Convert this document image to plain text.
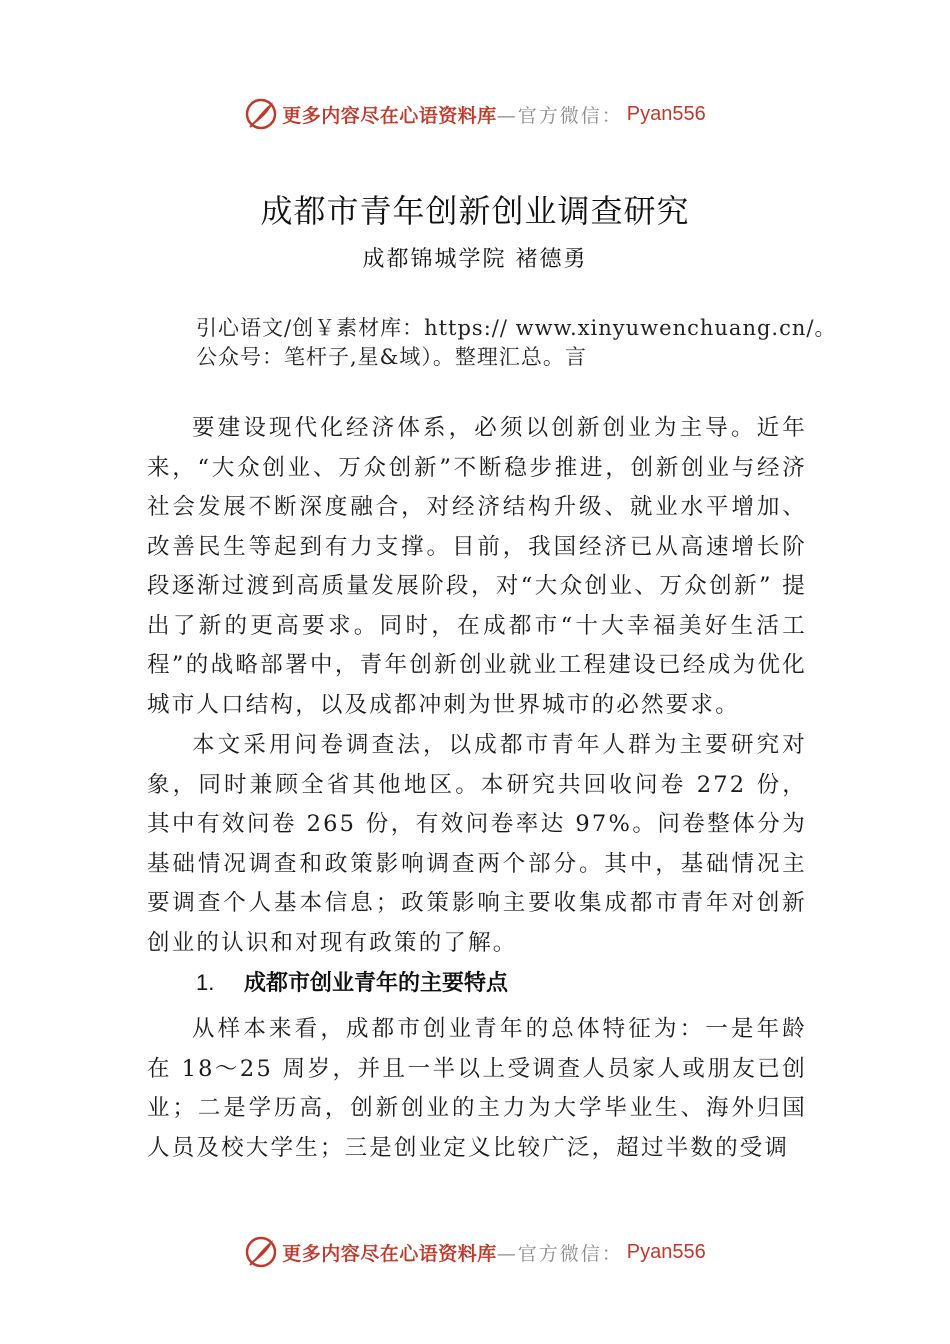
更多内容尽在心语资料库 —官方微信： Pyan556
成都市青年创新创业调查研究
成都锦城学院 褚德勇
引心语文/创￥素材库：https:// www.xinyuwenchuang.cn/。公众号：笔杆子,星&域）。整理汇总。言

要建设现代化经济体系，必须以创新创业为主导。近年来，“大众创业、万众创新”不断稳步推进，创新创业与经济社会发展不断深度融合，对经济结构升级、就业水平增加、 改善民生等起到有力支撑。目前，我国经济已从高速增长阶段逐渐过渡到高质量发展阶段，对“大众创业、万众创新” 提出了新的更高要求。同时，在成都市“十大幸福美好生活工程”的战略部署中，青年创新创业就业工程建设已经成为优化城市人口结构，以及成都冲刺为世界城市的必然要求。

本文采用问卷调查法，以成都市青年人群为主要研究对象，同时兼顾全省其他地区。本研究共回收问卷 272 份，其中有效问卷 265 份，有效问卷率达 97%。问卷整体分为基础情况调查和政策影响调查两个部分。其中，基础情况主要调查个人基本信息；政策影响主要收集成都市青年对创新创业的认识和对现有政策的了解。

1. 成都市创业青年的主要特点

从样本来看，成都市创业青年的总体特征为：一是年龄在 18～25 周岁，并且一半以上受调查人员家人或朋友已创业；二是学历高，创新创业的主力为大学毕业生、海外归国人员及校大学生；三是创业定义比较广泛，超过半数的受调

更多内容尽在心语资料库 —官方微信： Pyan556
